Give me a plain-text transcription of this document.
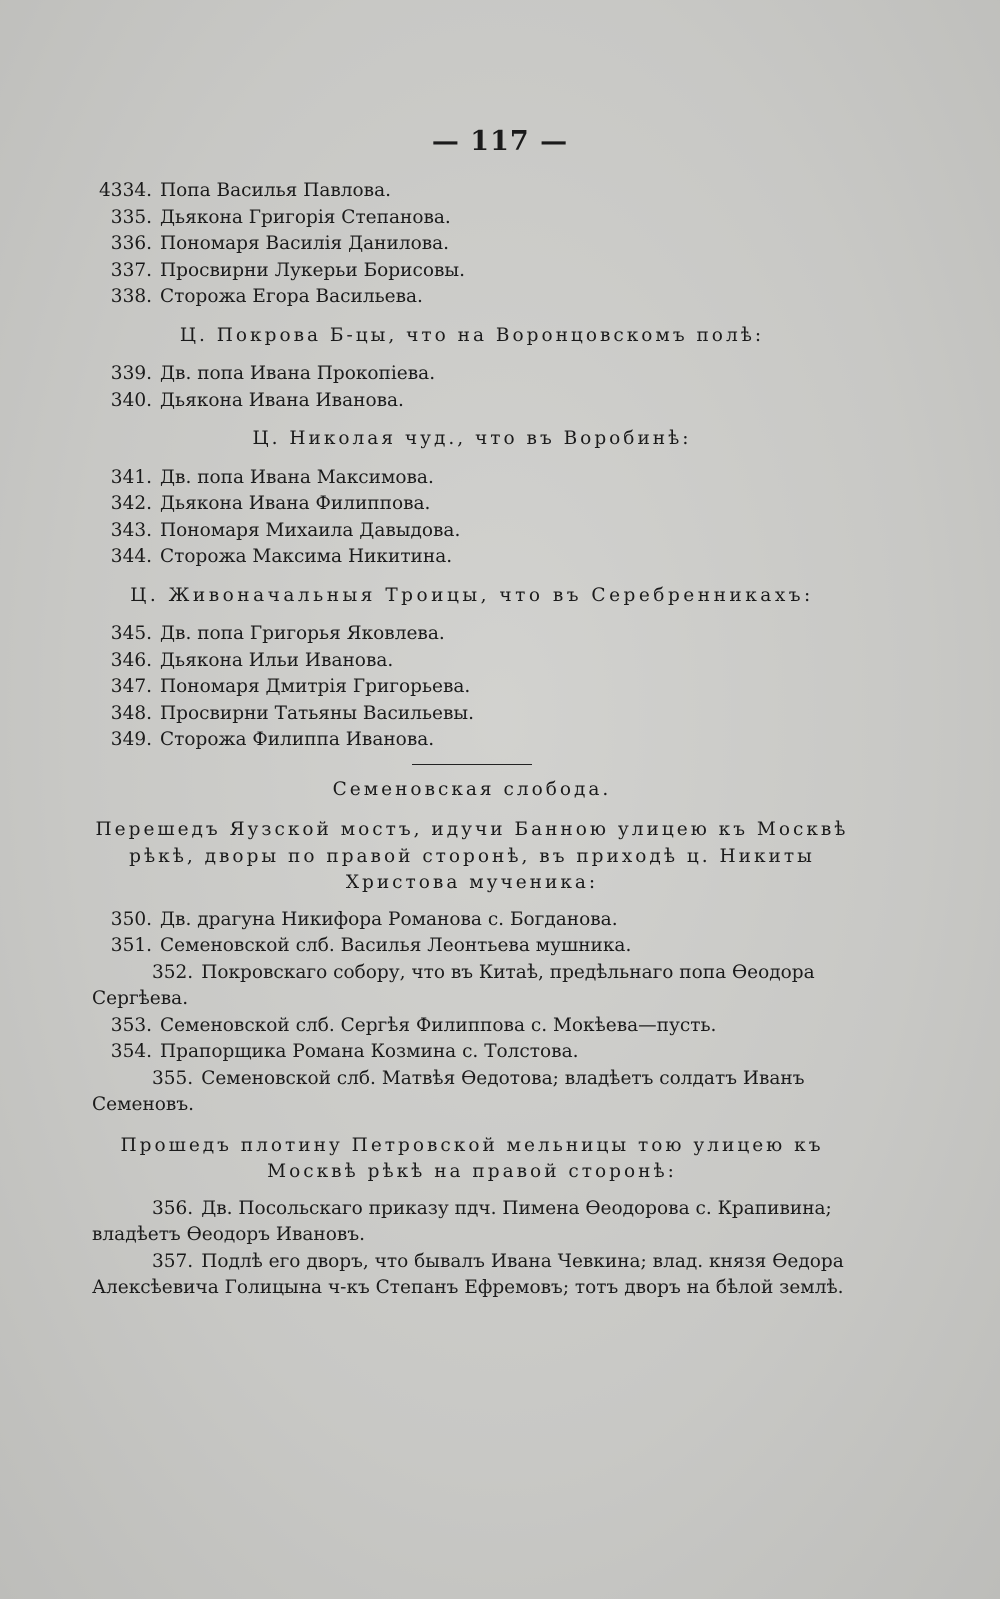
— 117 —

4334. Попа Василья Павлова.

335. Дьякона Григорія Степанова.

336. Пономаря Василія Данилова.

337. Просвирни Лукерьи Борисовы.

338. Сторожа Егора Васильева.

Ц. Покрова Б-цы, что на Воронцовскомъ полѣ:

339. Дв. попа Ивана Прокопіева.

340. Дьякона Ивана Иванова.

Ц. Николая чуд., что въ Воробинѣ:

341. Дв. попа Ивана Максимова.

342. Дьякона Ивана Филиппова.

343. Пономаря Михаила Давыдова.

344. Сторожа Максима Никитина.

Ц. Живоначальныя Троицы, что въ Серебренникахъ:

345. Дв. попа Григорья Яковлева.

346. Дьякона Ильи Иванова.

347. Пономаря Дмитрія Григорьева.

348. Просвирни Татьяны Васильевы.

349. Сторожа Филиппа Иванова.

Семеновская слобода.
Перешедъ Яузской мостъ, идучи Банною улицею къ Москвѣ
рѣкѣ, дворы по правой сторонѣ, въ приходѣ ц. Никиты
Христова мученика:

350. Дв. драгуна Никифора Романова с. Богданова.

351. Семеновской слб. Василья Леонтьева мушника.

352. Покровскаго собору, что въ Китаѣ, предѣльнаго попа Ѳеодора Сергѣева.

353. Семеновской слб. Сергѣя Филиппова с. Мокѣева—пусть.

354. Прапорщика Романа Козмина с. Толстова.

355. Семеновской слб. Матвѣя Ѳедотова; владѣетъ солдатъ Иванъ Семеновъ.

Прошедъ плотину Петровской мельницы тою улицею къ
Москвѣ рѣкѣ на правой сторонѣ:

356. Дв. Посольскаго приказу пдч. Пимена Ѳеодорова с. Крапивина; владѣетъ Ѳеодоръ Ивановъ.

357. Подлѣ его дворъ, что бывалъ Ивана Чевкина; влад. князя Ѳедора Алексѣевича Голицына ч-къ Степанъ Ефремовъ; тотъ дворъ на бѣлой землѣ.
